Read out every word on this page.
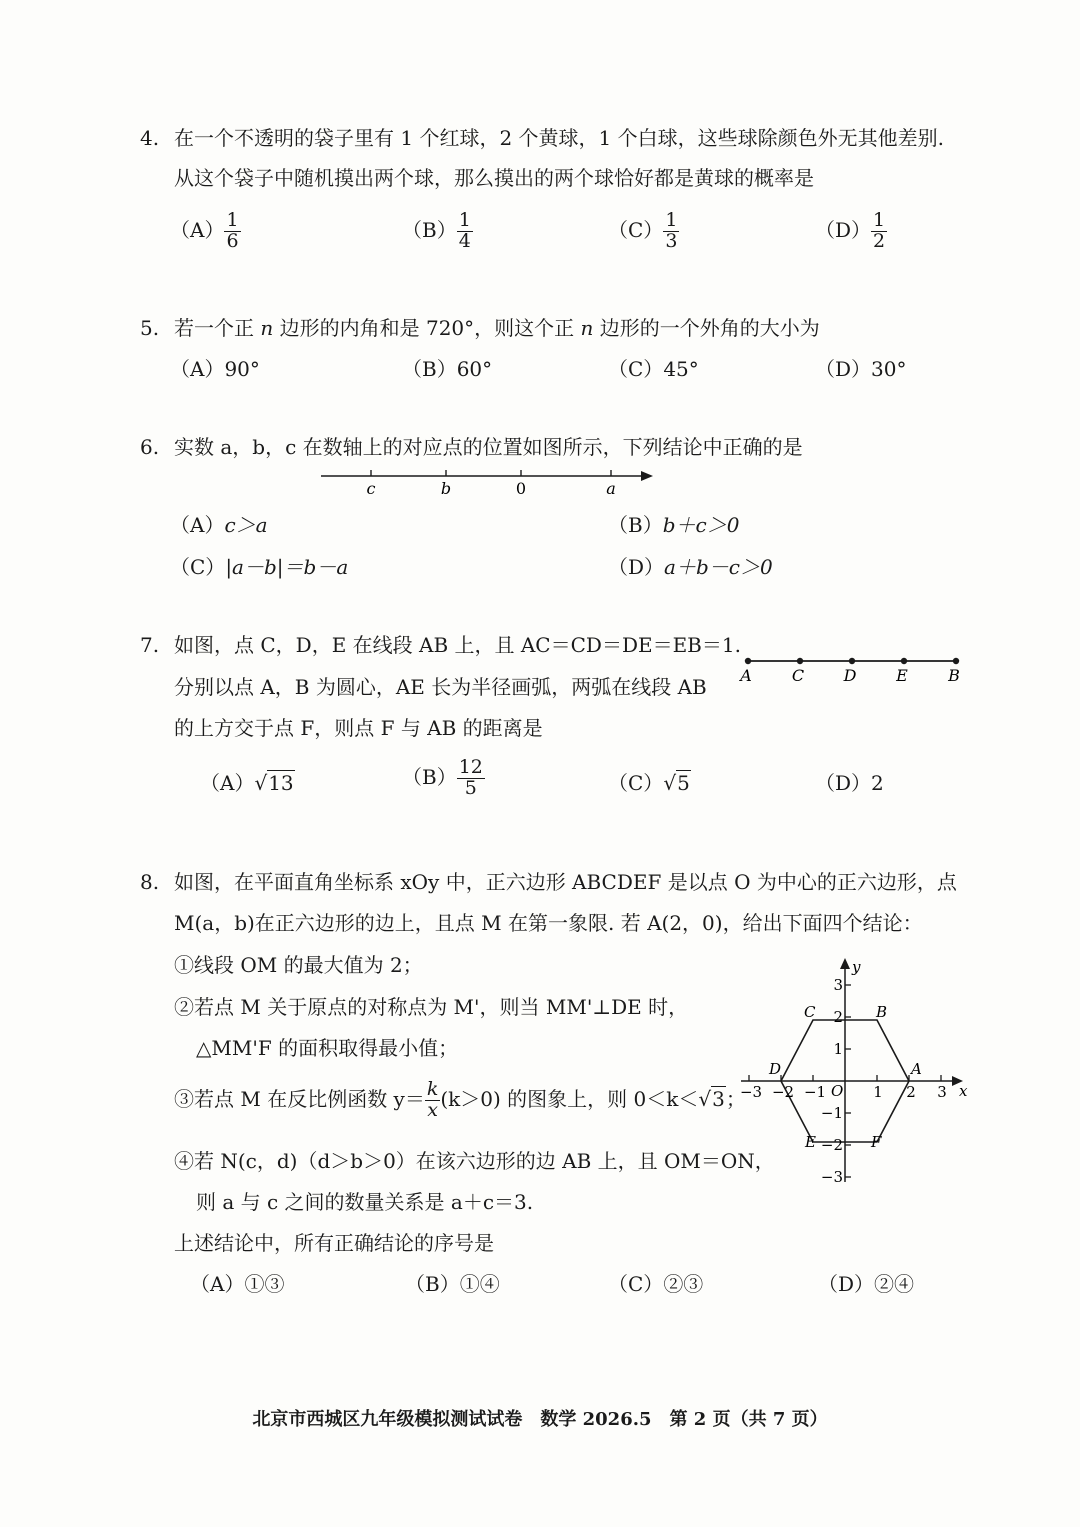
4. 在一个不透明的袋子里有 1 个红球，2 个黄球，1 个白球，这些球除颜色外无其他差别.
从这个袋子中随机摸出两个球，那么摸出的两个球恰好都是黄球的概率是
$(A) \frac{1}{6}$	$(B) \frac{1}{4}$	$(C) \frac{1}{3}$	$(D) \frac{1}{2}$
5. 若一个正 n 边形的内角和是 720°，则这个正 n 边形的一个外角的大小为
（A）90°	（B）60°	（C）45°	（D）30°
6. 实数 a，b，c 在数轴上的对应点的位置如图所示，下列结论中正确的是
c	b	0	a
（A）c＞a	（B）b＋c＞0
（C）|a－b|＝b－a	（D）a＋b－c＞0
7. 如图，点 C，D，E 在线段 AB 上，且 AC＝CD＝DE＝EB＝1.
分别以点 A，B 为圆心，AE 长为半径画弧，两弧在线段 AB
的上方交于点 F，则点 F 与 AB 的距离是
A	C D E	B
（A）√13	$(B) \frac{12}{5}$	（C）√5	（D）2
8. 如图，在平面直角坐标系 xOy 中，正六边形 ABCDEF 是以点 O 为中心的正六边形，点
M(a，b)在正六边形的边上，且点 M 在第一象限. 若 A(2，0)，给出下面四个结论：
①线段 OM 的最大值为 2；
②若点 M 关于原点的对称点为 M'，则当 MM'⊥DE 时，
△MM'F 的面积取得最小值；
③若点 M 在反比例函数 $y= \frac{k}{x} (k>0)$ 的图象上，则 0＜k＜√3；
④若 N(c，d)（d＞b＞0）在该六边形的边 AB 上，且 OM＝ON，
则 a 与 c 之间的数量关系是 a＋c＝3.
上述结论中，所有正确结论的序号是
（A）①③	（B）①④	（C）②③	（D）②④
−3 −2 −1	1 2 3
3
2
1
−1
−2
−3
x
y
O
A
B
C
D
E	F
北京市西城区九年级模拟测试试卷　数学 2026.5　第 2 页（共 7 页）
